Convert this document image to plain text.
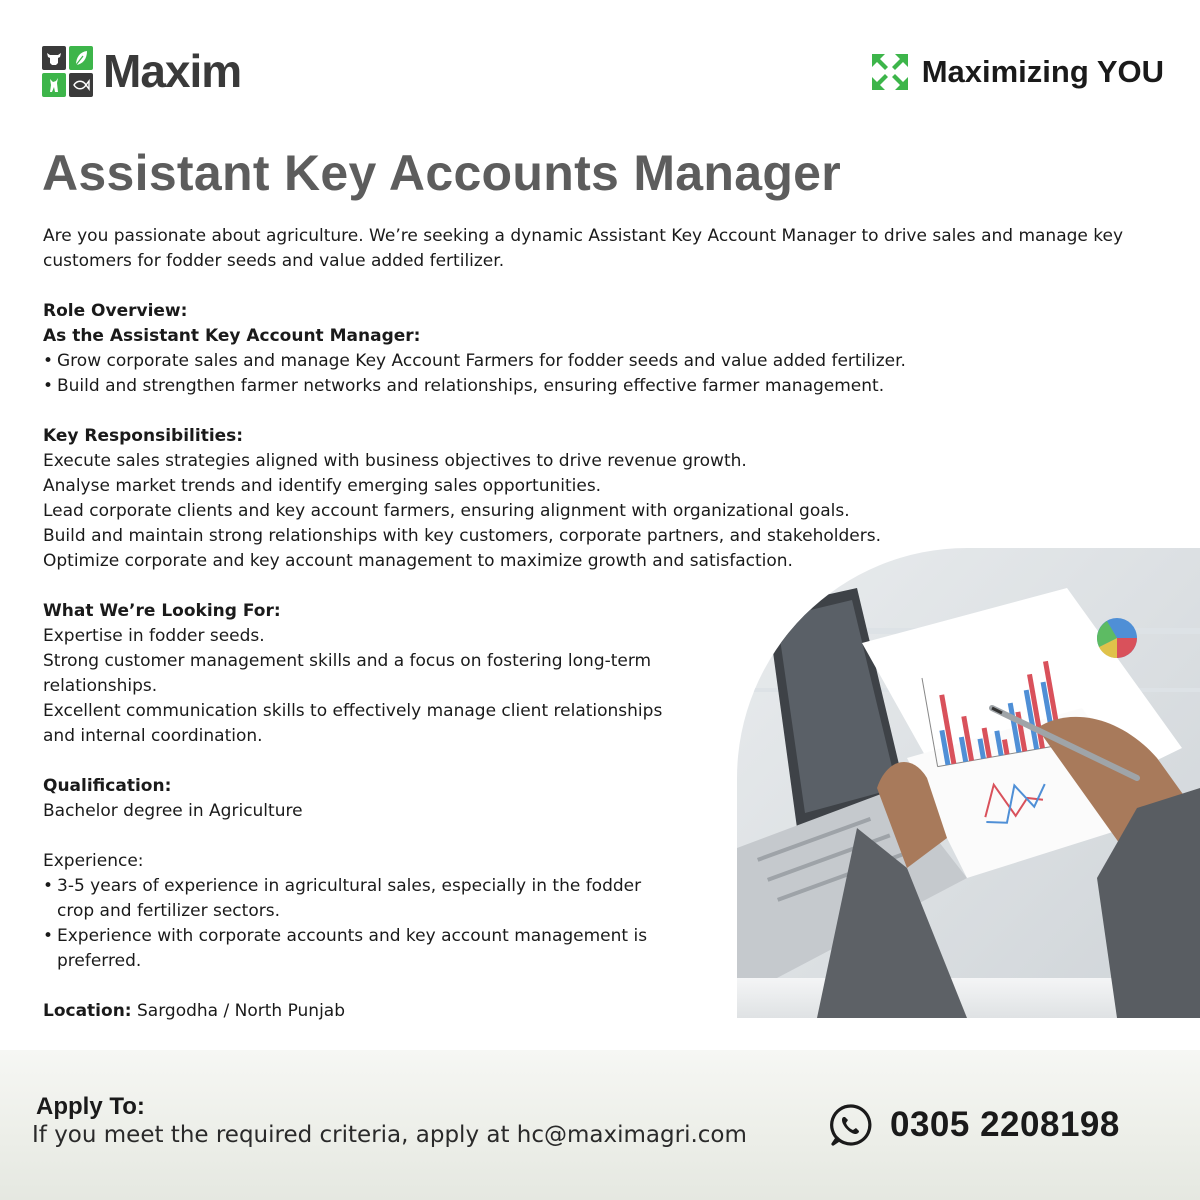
Maxim	Maximizing YOU
Assistant Key Accounts Manager

Are you passionate about agriculture. We’re seeking a dynamic Assistant Key Account Manager to drive sales and manage key customers for fodder seeds and value added fertilizer.

Role Overview:

As the Assistant Key Account Manager:

• Grow corporate sales and manage Key Account Farmers for fodder seeds and value added fertilizer.

• Build and strengthen farmer networks and relationships, ensuring effective farmer management.

Key Responsibilities:

Execute sales strategies aligned with business objectives to drive revenue growth.

Analyse market trends and identify emerging sales opportunities.

Lead corporate clients and key account farmers, ensuring alignment with organizational goals.

Build and maintain strong relationships with key customers, corporate partners, and stakeholders.

Optimize corporate and key account management to maximize growth and satisfaction.

What We’re Looking For:

Expertise in fodder seeds.

Strong customer management skills and a focus on fostering long-term relationships.

Excellent communication skills to effectively manage client relationships and internal coordination.

Qualification:

Bachelor degree in Agriculture

Experience:

• 3-5 years of experience in agricultural sales, especially in the fodder crop and fertilizer sectors.

• Experience with corporate accounts and key account management is preferred.

Location: Sargodha / North Punjab

Apply To:
If you meet the required criteria, apply at hc@maximagri.com	0305 2208198
